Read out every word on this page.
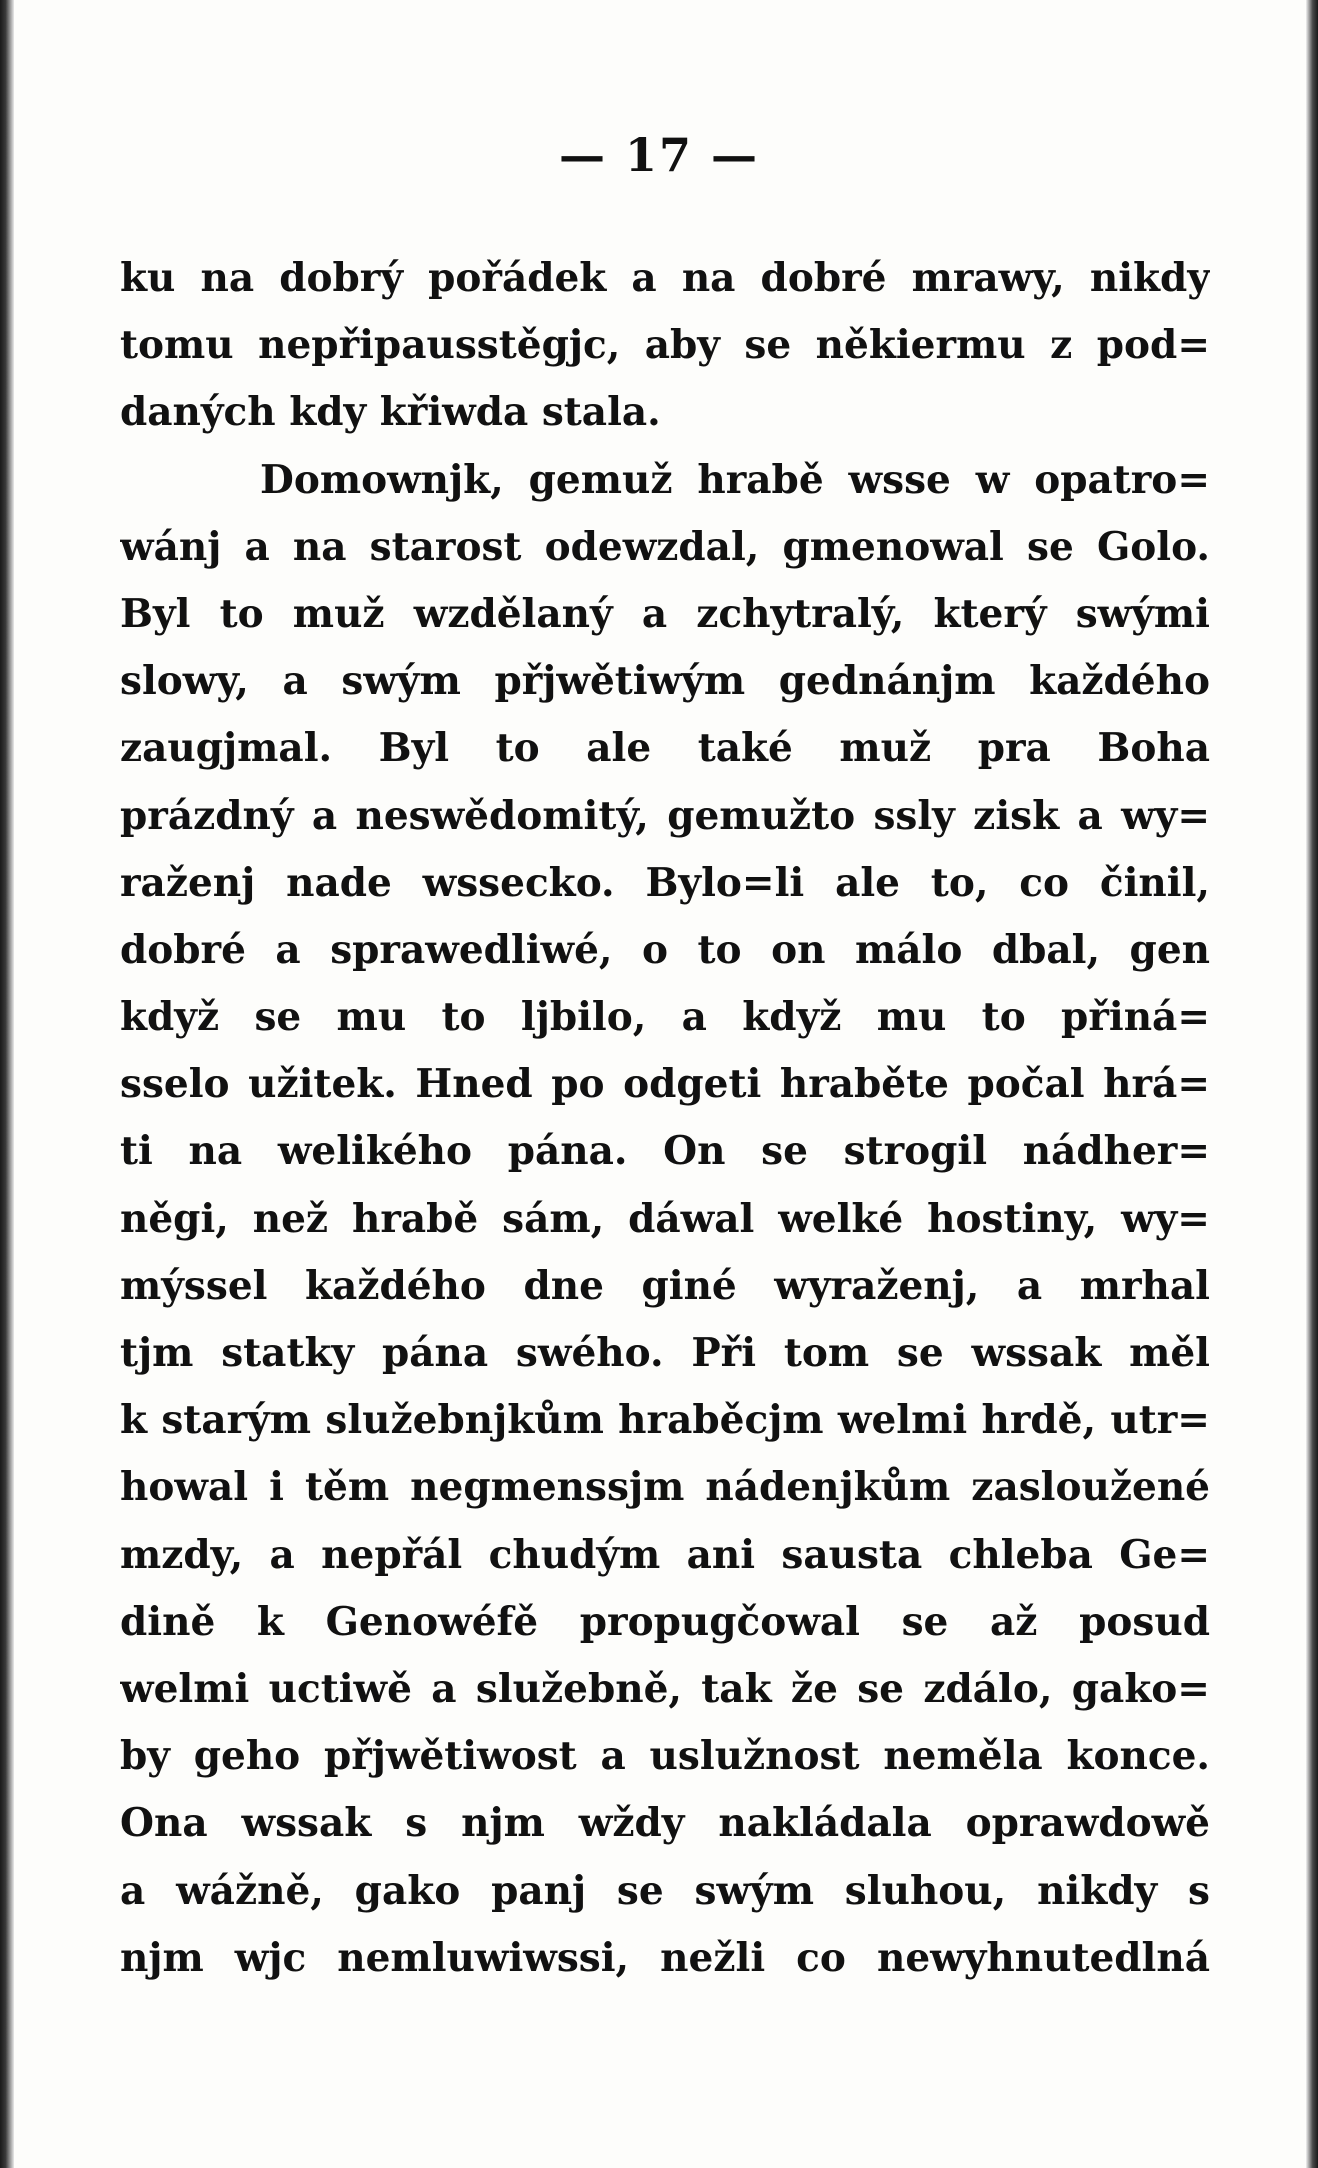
— 17 —
ku na dobrý pořádek a na dobré mrawy, nikdy
tomu nepřipausstěgjc, aby se někiermu z pod=
daných kdy křiwda stala.
Domownjk, gemuž hrabě wsse w opatro=
wánj a na starost odewzdal, gmenowal se Golo.
Byl to muž wzdělaný a zchytralý, který swými
slowy, a swým přjwětiwým gednánjm každého
zaugjmal. Byl to ale také muž pra Boha
prázdný a neswědomitý, gemužto ssly zisk a wy=
raženj nade wssecko. Bylo=li ale to, co činil,
dobré a sprawedliwé, o to on málo dbal, gen
když se mu to ljbilo, a když mu to přiná=
sselo užitek. Hned po odgeti hraběte počal hrá=
ti na welikého pána. On se strogil nádher=
něgi, než hrabě sám, dáwal welké hostiny, wy=
mýssel každého dne giné wyraženj, a mrhal
tjm statky pána swého. Při tom se wssak měl
k starým služebnjkům hraběcjm welmi hrdě, utr=
howal i těm negmenssjm nádenjkům zasloužené
mzdy, a nepřál chudým ani sausta chleba Ge=
dině k Genowéfě propugčowal se až posud
welmi uctiwě a služebně, tak že se zdálo, gako=
by geho přjwětiwost a uslužnost neměla konce.
Ona wssak s njm wždy nakládala oprawdowě
a wážně, gako panj se swým sluhou, nikdy s
njm wjc nemluwiwssi, nežli co newyhnutedlná
